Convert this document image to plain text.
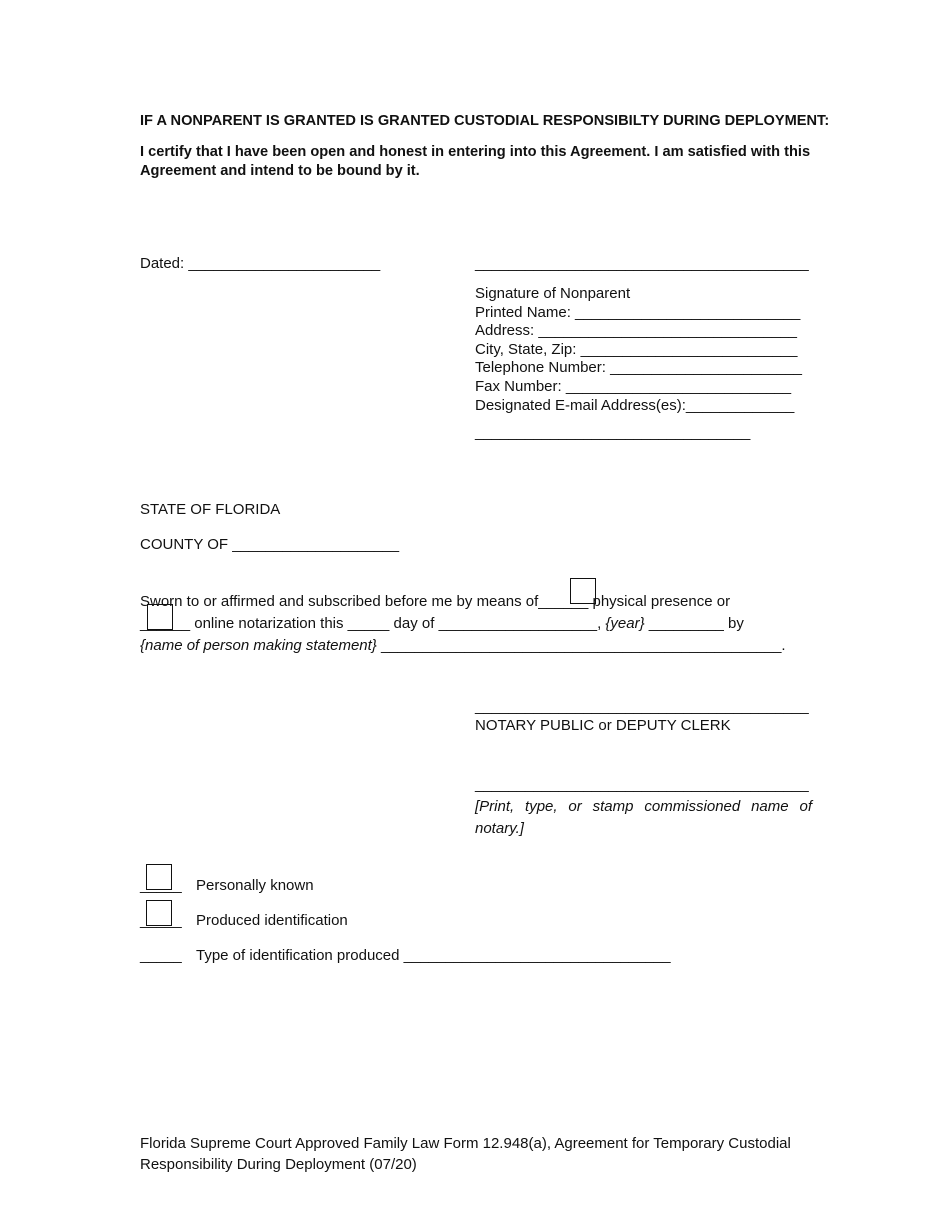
IF A NONPARENT IS GRANTED IS GRANTED CUSTODIAL RESPONSIBILTY DURING DEPLOYMENT:
I certify that I have been open and honest in entering into this Agreement. I am satisfied with this Agreement and intend to be bound by it.
Dated: _______________________	________________________________________
Signature of Nonparent
Printed Name: ___________________________
Address: _______________________________
City, State, Zip: __________________________
Telephone Number: _______________________
Fax Number: ___________________________
Designated E-mail Address(es):_____________
_________________________________
STATE OF FLORIDA
COUNTY OF ____________________
Sworn to or affirmed and subscribed before me by means of______ physical presence or
______ online notarization this _____ day of ___________________, {year} _________ by
{name of person making statement} ________________________________________________.
________________________________________
NOTARY PUBLIC or DEPUTY CLERK
________________________________________
[Print, type, or stamp commissioned name of notary.]
_____ Personally known
_____ Produced identification
_____ Type of identification produced ________________________________
Florida Supreme Court Approved Family Law Form 12.948(a), Agreement for Temporary Custodial Responsibility During Deployment (07/20)
